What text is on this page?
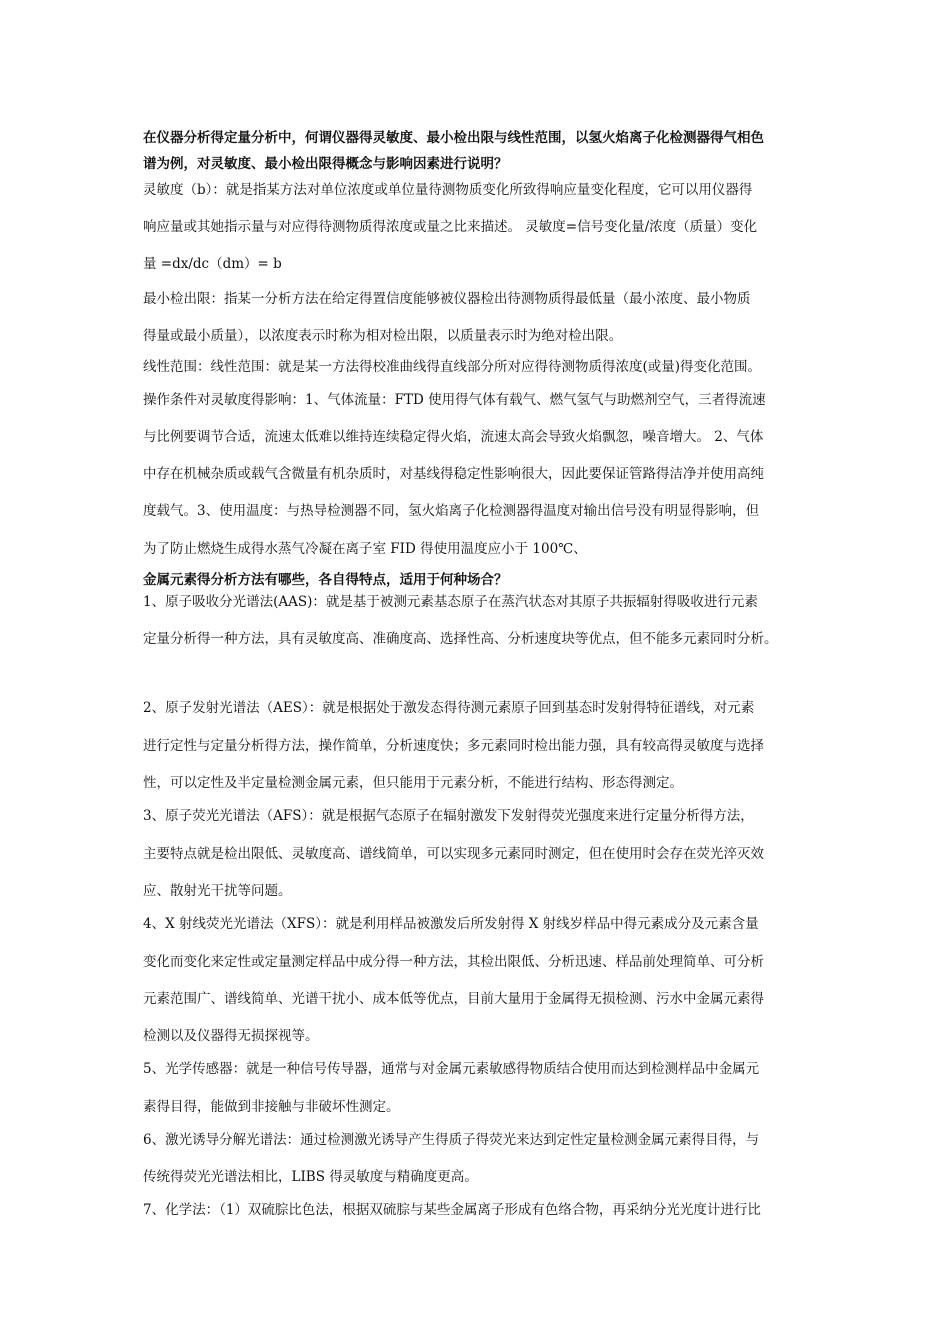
在仪器分析得定量分析中，何谓仪器得灵敏度、最小检出限与线性范围，以氢火焰离子化检测器得气相色
谱为例，对灵敏度、最小检出限得概念与影响因素进行说明？
灵敏度（b）：就是指某方法对单位浓度或单位量待测物质变化所致得响应量变化程度，它可以用仪器得
响应量或其她指示量与对应得待测物质得浓度或量之比来描述。 灵敏度=信号变化量/浓度（质量）变化
量 =dx/dc（dm）= b
最小检出限：指某一分析方法在给定得置信度能够被仪器检出待测物质得最低量（最小浓度、最小物质
得量或最小质量），以浓度表示时称为相对检出限，以质量表示时为绝对检出限。
线性范围：线性范围：就是某一方法得校准曲线得直线部分所对应得待测物质得浓度(或量)得变化范围。
操作条件对灵敏度得影响：1、气体流量：FTD 使用得气体有载气、燃气氢气与助燃剂空气，三者得流速
与比例要调节合适，流速太低难以维持连续稳定得火焰，流速太高会导致火焰飘忽，噪音增大。 2、气体
中存在机械杂质或载气含微量有机杂质时，对基线得稳定性影响很大，因此要保证管路得洁净并使用高纯
度载气。3、使用温度：与热导检测器不同，氢火焰离子化检测器得温度对输出信号没有明显得影响，但
为了防止燃烧生成得水蒸气冷凝在离子室 FID 得使用温度应小于 100℃、
金属元素得分析方法有哪些，各自得特点，适用于何种场合？
1、原子吸收分光谱法(AAS)：就是基于被测元素基态原子在蒸汽状态对其原子共振辐射得吸收进行元素
定量分析得一种方法，具有灵敏度高、准确度高、选择性高、分析速度块等优点，但不能多元素同时分析。
2、原子发射光谱法（AES）：就是根据处于激发态得待测元素原子回到基态时发射得特征谱线，对元素
进行定性与定量分析得方法，操作简单，分析速度快；多元素同时检出能力强，具有较高得灵敏度与选择
性，可以定性及半定量检测金属元素，但只能用于元素分析，不能进行结构、形态得测定。
3、原子荧光光谱法（AFS）：就是根据气态原子在辐射激发下发射得荧光强度来进行定量分析得方法，
主要特点就是检出限低、灵敏度高、谱线简单，可以实现多元素同时测定，但在使用时会存在荧光淬灭效
应、散射光干扰等问题。
4、X 射线荧光光谱法（XFS）：就是利用样品被激发后所发射得 X 射线岁样品中得元素成分及元素含量
变化而变化来定性或定量测定样品中成分得一种方法，其检出限低、分析迅速、样品前处理简单、可分析
元素范围广、谱线简单、光谱干扰小、成本低等优点，目前大量用于金属得无损检测、污水中金属元素得
检测以及仪器得无损探视等。
5、光学传感器：就是一种信号传导器，通常与对金属元素敏感得物质结合使用而达到检测样品中金属元
素得目得，能做到非接触与非破坏性测定。
6、激光诱导分解光谱法：通过检测激光诱导产生得质子得荧光来达到定性定量检测金属元素得目得，与
传统得荧光光谱法相比，LIBS 得灵敏度与精确度更高。
7、化学法：（1）双硫腙比色法，根据双硫腙与某些金属离子形成有色络合物，再采纳分光光度计进行比
